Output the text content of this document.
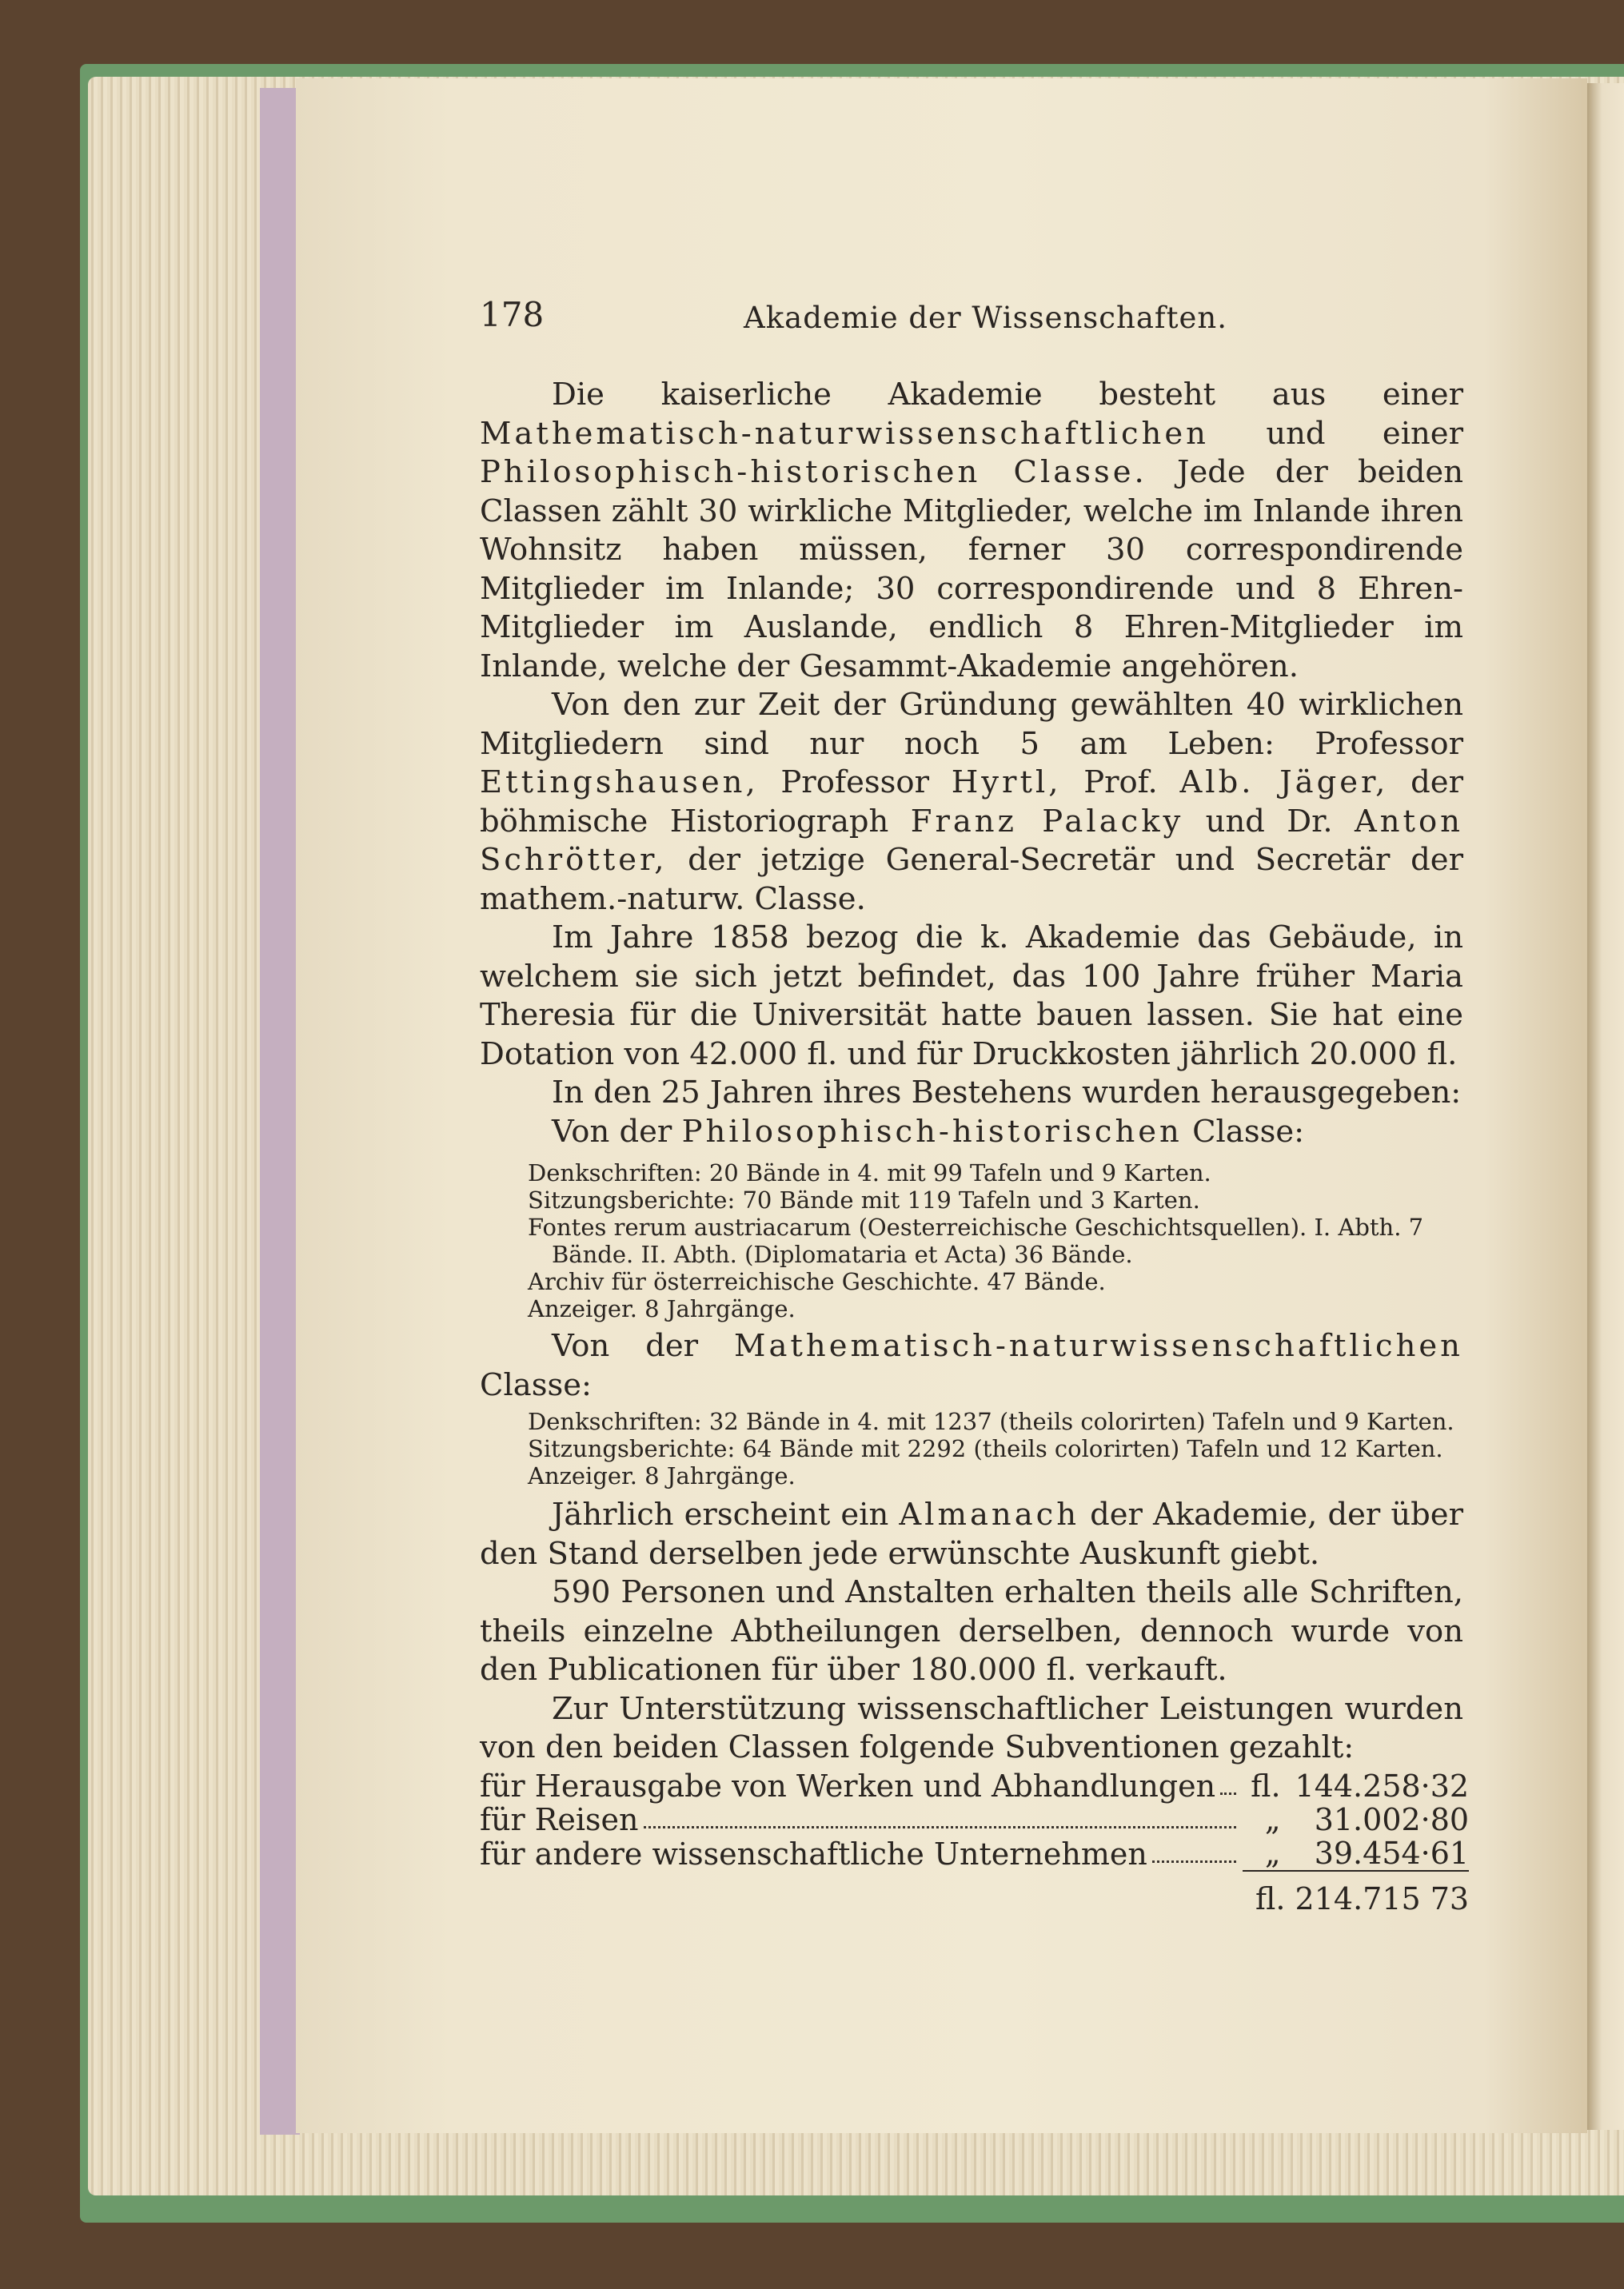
178	Akademie der Wissenschaften.

Die kaiserliche Akademie besteht aus einer Mathematisch-naturwissenschaftlichen und einer Philosophisch-historischen Classe. Jede der beiden Classen zählt 30 wirkliche Mitglieder, welche im Inlande ihren Wohnsitz haben müssen, ferner 30 correspondirende Mitglieder im Inlande; 30 correspondirende und 8 Ehren-Mitglieder im Auslande, endlich 8 Ehren-Mitglieder im Inlande, welche der Gesammt-Akademie angehören.

Von den zur Zeit der Gründung gewählten 40 wirklichen Mitgliedern sind nur noch 5 am Leben: Professor Ettingshausen, Professor Hyrtl, Prof. Alb. Jäger, der böhmische Historiograph Franz Palacky und Dr. Anton Schrötter, der jetzige General-Secretär und Secretär der mathem.-naturw. Classe.

Im Jahre 1858 bezog die k. Akademie das Gebäude, in welchem sie sich jetzt befindet, das 100 Jahre früher Maria Theresia für die Universität hatte bauen lassen. Sie hat eine Dotation von 42.000 fl. und für Druckkosten jährlich 20.000 fl.

In den 25 Jahren ihres Bestehens wurden herausgegeben:

Von der Philosophisch-historischen Classe:

Denkschriften: 20 Bände in 4. mit 99 Tafeln und 9 Karten.
Sitzungsberichte: 70 Bände mit 119 Tafeln und 3 Karten.
Fontes rerum austriacarum (Oesterreichische Geschichtsquellen). I. Abth. 7 Bände. II. Abth. (Diplomataria et Acta) 36 Bände.
Archiv für österreichische Geschichte. 47 Bände.
Anzeiger. 8 Jahrgänge.

Von der Mathematisch-naturwissenschaftlichen Classe:

Denkschriften: 32 Bände in 4. mit 1237 (theils colorirten) Tafeln und 9 Karten.
Sitzungsberichte: 64 Bände mit 2292 (theils colorirten) Tafeln und 12 Karten.
Anzeiger. 8 Jahrgänge.

Jährlich erscheint ein Almanach der Akademie, der über den Stand derselben jede erwünschte Auskunft giebt.

590 Personen und Anstalten erhalten theils alle Schriften, theils einzelne Abtheilungen derselben, dennoch wurde von den Publicationen für über 180.000 fl. verkauft.

Zur Unterstützung wissenschaftlicher Leistungen wurden von den beiden Classen folgende Subventionen gezahlt:

für Herausgabe von Werken und Abhandlungen	fl.	144.258·32

für Reisen	„	31.002·80

für andere wissenschaftliche Unternehmen	„	39.454·61
	fl. 214.715 73	
